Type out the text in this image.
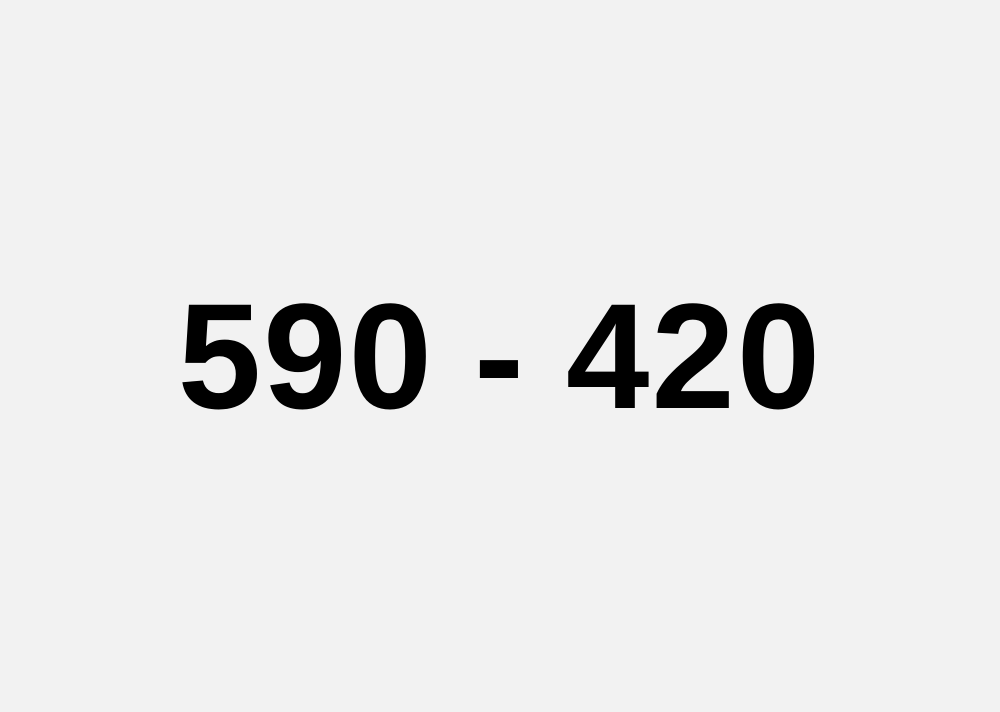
590 - 420
